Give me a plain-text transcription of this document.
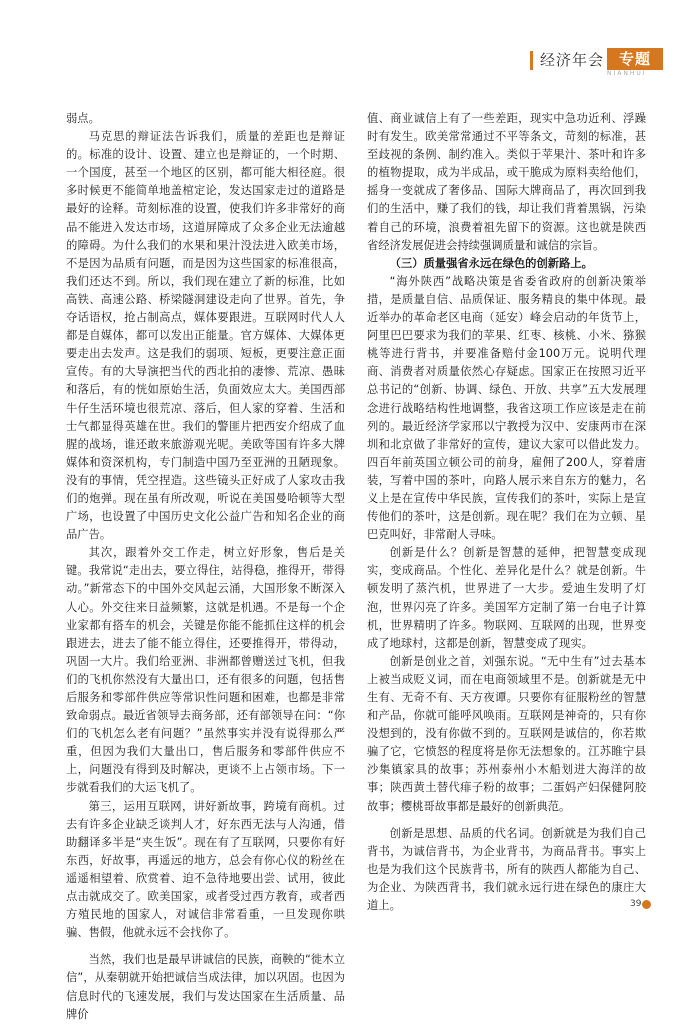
经济年会 专题
NIANHUI

弱点。

马克思的辩证法告诉我们，质量的差距也是辩证的。标准的设计、设置、建立也是辩证的，一个时期、一个国度，甚至一个地区的区别，都可能大相径庭。很多时候更不能简单地盖棺定论，发达国家走过的道路是最好的诠释。苛刻标准的设置，使我们许多非常好的商品不能进入发达市场，这道屏障成了众多企业无法逾越的障碍。为什么我们的水果和果汁没法进入欧美市场，不是因为品质有问题，而是因为这些国家的标准很高，我们还达不到。所以，我们现在建立了新的标准，比如高铁、高速公路、桥梁隧洞建设走向了世界。首先，争夺话语权，抢占制高点，媒体要跟进。互联网时代人人都是自媒体，都可以发出正能量。官方媒体、大媒体更要走出去发声。这是我们的弱项、短板，更要注意正面宣传。有的大导演把当代的西北拍的凄惨、荒凉、愚昧和落后，有的恍如原始生活，负面效应太大。美国西部牛仔生活环境也很荒凉、落后，但人家的穿着、生活和士气都显得英雄在世。我们的警匪片把西安介绍成了血腥的战场，谁还敢来旅游观光呢。美欧等国有许多大牌媒体和资深机构，专门制造中国乃至亚洲的丑陋现象。没有的事情，凭空捏造。这些镜头正好成了人家攻击我们的炮弹。现在虽有所改观，听说在美国曼哈顿等大型广场，也设置了中国历史文化公益广告和知名企业的商品广告。

其次，跟着外交工作走，树立好形象，售后是关键。我常说“走出去，要立得住，站得稳，推得开，带得动。”新常态下的中国外交风起云涌，大国形象不断深入人心。外交往来日益频繁，这就是机遇。不是每一个企业家都有搭车的机会，关键是你能不能抓住这样的机会跟进去，进去了能不能立得住，还要推得开，带得动，巩固一大片。我们给亚洲、非洲都曾赠送过飞机，但我们的飞机你然没有大量出口，还有很多的问题，包括售后服务和零部件供应等常识性问题和困难，也都是非常致命弱点。最近省领导去商务部，还有部领导在问：“你们的飞机怎么老有问题？”虽然事实并没有说得那么严重，但因为我们大量出口，售后服务和零部件供应不上，问题没有得到及时解决，更谈不上占领市场。下一步就看我们的大运飞机了。

第三，运用互联网，讲好新故事，跨境有商机。过去有许多企业缺乏谈判人才，好东西无法与人沟通，借助翻译多半是“夹生饭”。现在有了互联网，只要你有好东西，好故事，再遥远的地方，总会有你心仪的粉丝在遥遥相望着、欣赏着、迫不急待地要出尝、试用，彼此点击就成交了。欧美国家，或者受过西方教育，或者西方殖民地的国家人，对诚信非常看重，一旦发现你哄骗、售假，他就永远不会找你了。

当然，我们也是最早讲诚信的民族，商鞅的“徙木立信”，从秦朝就开始把诚信当成法律，加以巩固。也因为信息时代的飞速发展，我们与发达国家在生活质量、品牌价

值、商业诚信上有了一些差距，现实中急功近利、浮躁时有发生。欧美常常通过不平等条文，苛刻的标准，甚至歧视的条例、制约准入。类似于苹果汁、茶叶和许多的植物提取，成为半成品，或干脆成为原料卖给他们，摇身一变就成了奢侈品、国际大牌商品了，再次回到我们的生活中，赚了我们的钱，却让我们背着黑锅，污染着自己的环境，浪费着祖先留下的资源。这也就是陕西省经济发展促进会持续强调质量和诚信的宗旨。

（三）质量强省永远在绿色的创新路上。

“海外陕西”战略决策是省委省政府的创新决策举措，是质量自信、品质保证、服务精良的集中体现。最近举办的革命老区电商（延安）峰会启动的年货节上，阿里巴巴要求为我们的苹果、红枣、核桃、小米、猕猴桃等进行背书，并要准备赔付金100万元。说明代理商、消费者对质量依然心存疑虑。国家正在按照习近平总书记的“创新、协调、绿色、开放、共享”五大发展理念进行战略结构性地调整，我省这项工作应该是走在前列的。最近经济学家邢以宁教授为汉中、安康两市在深圳和北京做了非常好的宣传，建议大家可以借此发力。四百年前英国立顿公司的前身，雇佣了200人，穿着唐装，写着中国的茶叶，向路人展示来自东方的魅力，名义上是在宣传中华民族，宣传我们的茶叶，实际上是宣传他们的茶叶，这是创新。现在呢？我们在为立顿、星巴克叫好，非常耐人寻味。

创新是什么？创新是智慧的延伸，把智慧变成现实，变成商品。个性化、差异化是什么？就是创新。牛顿发明了蒸汽机，世界进了一大步。爱迪生发明了灯泡，世界闪亮了许多。美国军方定制了第一台电子计算机，世界精明了许多。物联网、互联网的出现，世界变成了地球村，这都是创新，智慧变成了现实。

创新是创业之首，刘强东说。“无中生有”过去基本上被当成贬义词，而在电商领域里不是。创新就是无中生有、无奇不有、天方夜谭。只要你有征服粉丝的智慧和产品，你就可能呼风唤雨。互联网是神奇的，只有你没想到的，没有你做不到的。互联网是诚信的，你若欺骗了它，它愤怒的程度将是你无法想象的。江苏睢宁县沙集镇家具的故事；苏州泰州小木船划进大海洋的故事；陕西黄土替代痱子粉的故事；二蛋妈产妇保健阿胶故事；樱桃哥故事都是最好的创新典范。

创新是思想、品质的代名词。创新就是为我们自己背书，为诚信背书，为企业背书，为商品背书。事实上也是为我们这个民族背书，所有的陕西人都能为自己、为企业、为陕西背书，我们就永远行进在绿色的康庄大道上。	39
